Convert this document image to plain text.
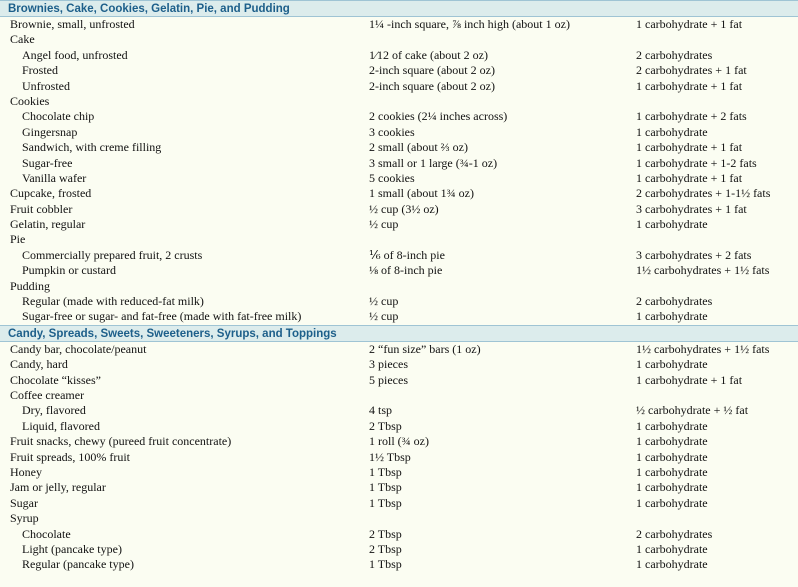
Brownies, Cake, Cookies, Gelatin, Pie, and Pudding
Brownie, small, unfrosted	1¼ -inch square, ⅞ inch high (about 1 oz)	1 carbohydrate + 1 fat
Cake
Angel food, unfrosted	1⁄12 of cake (about 2 oz)	2 carbohydrates
Frosted	2-inch square (about 2 oz)	2 carbohydrates + 1 fat
Unfrosted	2-inch square (about 2 oz)	1 carbohydrate + 1 fat
Cookies
Chocolate chip	2 cookies (2¼ inches across)	1 carbohydrate + 2 fats
Gingersnap	3 cookies	1 carbohydrate
Sandwich, with creme filling	2 small (about ⅔ oz)	1 carbohydrate + 1 fat
Sugar-free	3 small or 1 large (¾-1 oz)	1 carbohydrate + 1-2 fats
Vanilla wafer	5 cookies	1 carbohydrate + 1 fat
Cupcake, frosted	1 small (about 1¾ oz)	2 carbohydrates + 1-1½ fats
Fruit cobbler	½ cup (3½ oz)	3 carbohydrates + 1 fat
Gelatin, regular	½ cup	1 carbohydrate
Pie
Commercially prepared fruit, 2 crusts	⅙ of 8-inch pie	3 carbohydrates + 2 fats
Pumpkin or custard	⅛ of 8-inch pie	1½ carbohydrates + 1½ fats
Pudding
Regular (made with reduced-fat milk)	½ cup	2 carbohydrates
Sugar-free or sugar- and fat-free (made with fat-free milk)	½ cup	1 carbohydrate
Candy, Spreads, Sweets, Sweeteners, Syrups, and Toppings
Candy bar, chocolate/peanut	2 “fun size” bars (1 oz)	1½ carbohydrates + 1½ fats
Candy, hard	3 pieces	1 carbohydrate
Chocolate “kisses”	5 pieces	1 carbohydrate + 1 fat
Coffee creamer
Dry, flavored	4 tsp	½ carbohydrate + ½ fat
Liquid, flavored	2 Tbsp	1 carbohydrate
Fruit snacks, chewy (pureed fruit concentrate)	1 roll (¾ oz)	1 carbohydrate
Fruit spreads, 100% fruit	1½ Tbsp	1 carbohydrate
Honey	1 Tbsp	1 carbohydrate
Jam or jelly, regular	1 Tbsp	1 carbohydrate
Sugar	1 Tbsp	1 carbohydrate
Syrup
Chocolate	2 Tbsp	2 carbohydrates
Light (pancake type)	2 Tbsp	1 carbohydrate
Regular (pancake type)	1 Tbsp	1 carbohydrate
